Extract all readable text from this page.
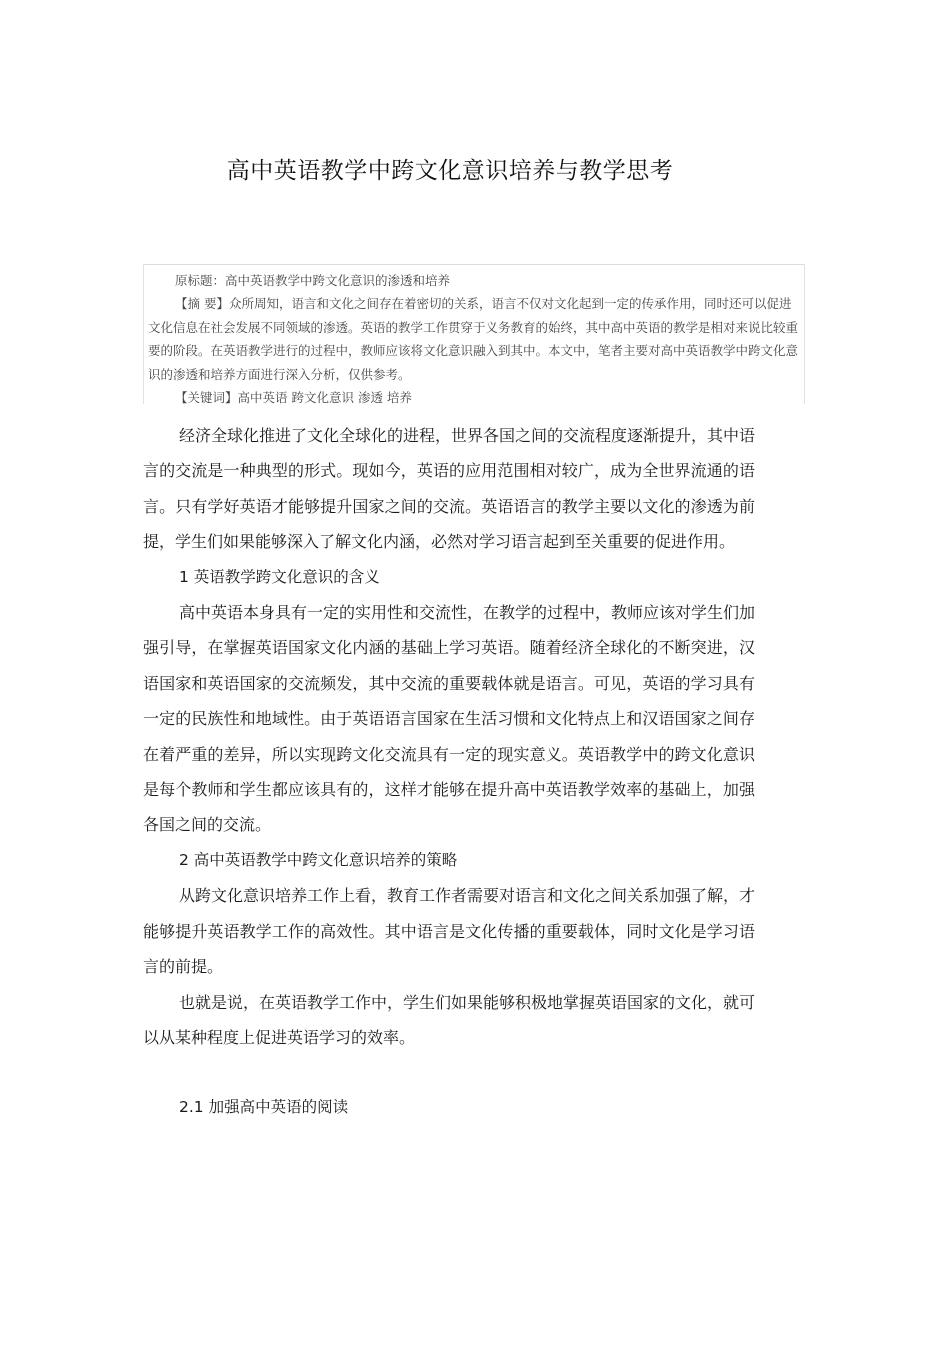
高中英语教学中跨文化意识培养与教学思考

原标题：高中英语教学中跨文化意识的渗透和培养

【摘 要】众所周知，语言和文化之间存在着密切的关系，语言不仅对文化起到一定的传承作用，同时还可以促进文化信息在社会发展不同领域的渗透。英语的教学工作贯穿于义务教育的始终，其中高中英语的教学是相对来说比较重要的阶段。在英语教学进行的过程中，教师应该将文化意识融入到其中。本文中，笔者主要对高中英语教学中跨文化意识的渗透和培养方面进行深入分析，仅供参考。

【关键词】高中英语 跨文化意识 渗透 培养

经济全球化推进了文化全球化的进程，世界各国之间的交流程度逐渐提升，其中语言的交流是一种典型的形式。现如今，英语的应用范围相对较广，成为全世界流通的语言。只有学好英语才能够提升国家之间的交流。英语语言的教学主要以文化的渗透为前提，学生们如果能够深入了解文化内涵，必然对学习语言起到至关重要的促进作用。

1 英语教学跨文化意识的含义

高中英语本身具有一定的实用性和交流性，在教学的过程中，教师应该对学生们加强引导，在掌握英语国家文化内涵的基础上学习英语。随着经济全球化的不断突进，汉语国家和英语国家的交流频发，其中交流的重要载体就是语言。可见，英语的学习具有一定的民族性和地域性。由于英语语言国家在生活习惯和文化特点上和汉语国家之间存在着严重的差异，所以实现跨文化交流具有一定的现实意义。英语教学中的跨文化意识是每个教师和学生都应该具有的，这样才能够在提升高中英语教学效率的基础上，加强各国之间的交流。

2 高中英语教学中跨文化意识培养的策略

从跨文化意识培养工作上看，教育工作者需要对语言和文化之间关系加强了解，才能够提升英语教学工作的高效性。其中语言是文化传播的重要载体，同时文化是学习语言的前提。

也就是说，在英语教学工作中，学生们如果能够积极地掌握英语国家的文化，就可以从某种程度上促进英语学习的效率。

2.1 加强高中英语的阅读
